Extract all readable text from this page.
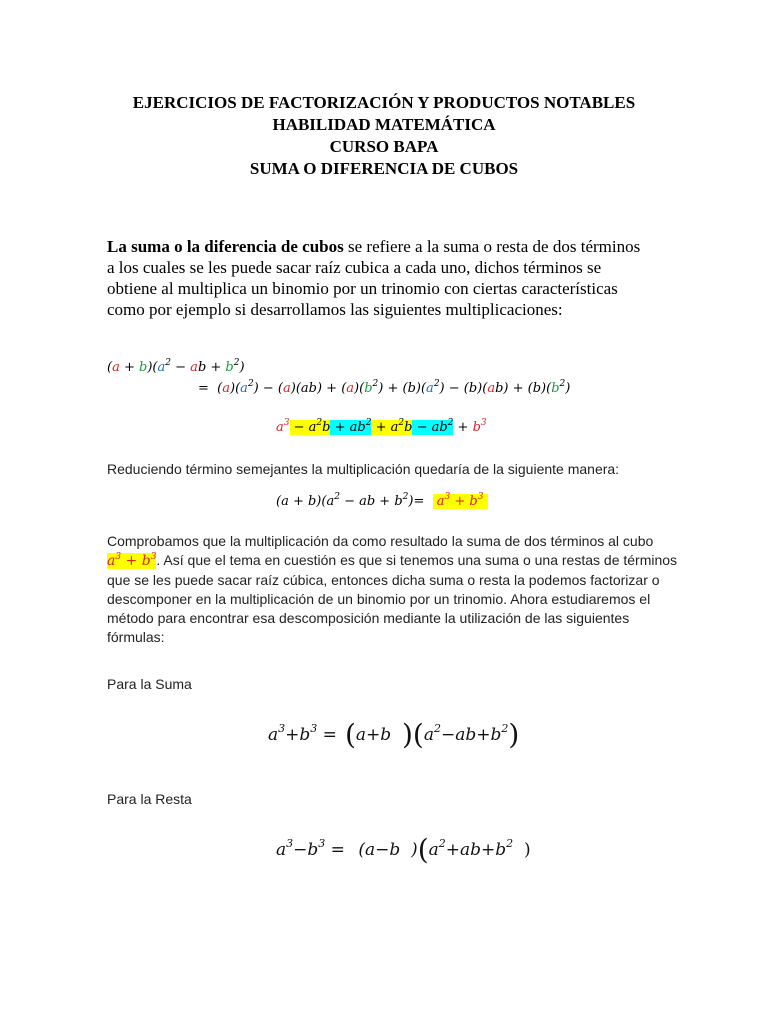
EJERCICIOS DE FACTORIZACIÓN Y PRODUCTOS NOTABLES
HABILIDAD MATEMÁTICA
CURSO BAPA
SUMA O DIFERENCIA DE CUBOS
La suma o la diferencia de cubos se refiere a la suma o resta de dos términos
a los cuales se les puede sacar raíz cubica a cada uno, dichos términos se
obtiene al multiplica un binomio por un trinomio con ciertas características
como por ejemplo si desarrollamos las siguientes multiplicaciones:
$(a + b)(a^2$ − ab + $b^2$)
=  $(a)(a^2) - (a)(ab) + (a)(b^2) + (b)(a^2) - (b)(ab) + (b)(b^2)$
$a^3 - a^2b + ab^2 + a^2b - ab^2 + b^3$
Reduciendo término semejantes la multiplicación quedaría de la siguiente manera:
$(a + b)(a^2$ − ab + $b^2)= a^3 + b^3$
Comprobamos que la multiplicación da como resultado la suma de dos términos al cubo
$a^3 + b^3$. Así que el tema en cuestión es que si tenemos una suma o una restas de términos
que se les puede sacar raíz cúbica, entonces dicha suma o resta la podemos factorizar o
descomponer en la multiplicación de un binomio por un trinomio. Ahora estudiaremos el
método para encontrar esa descomposición mediante la utilización de las siguientes
fórmulas:
Para la Suma
$a^3+b^3 = (a+b$  )$(a^2-ab+b^2)$
Para la Resta
$a^3-b^3 = (a-b$  )($a^2+ab+b^2$ )
